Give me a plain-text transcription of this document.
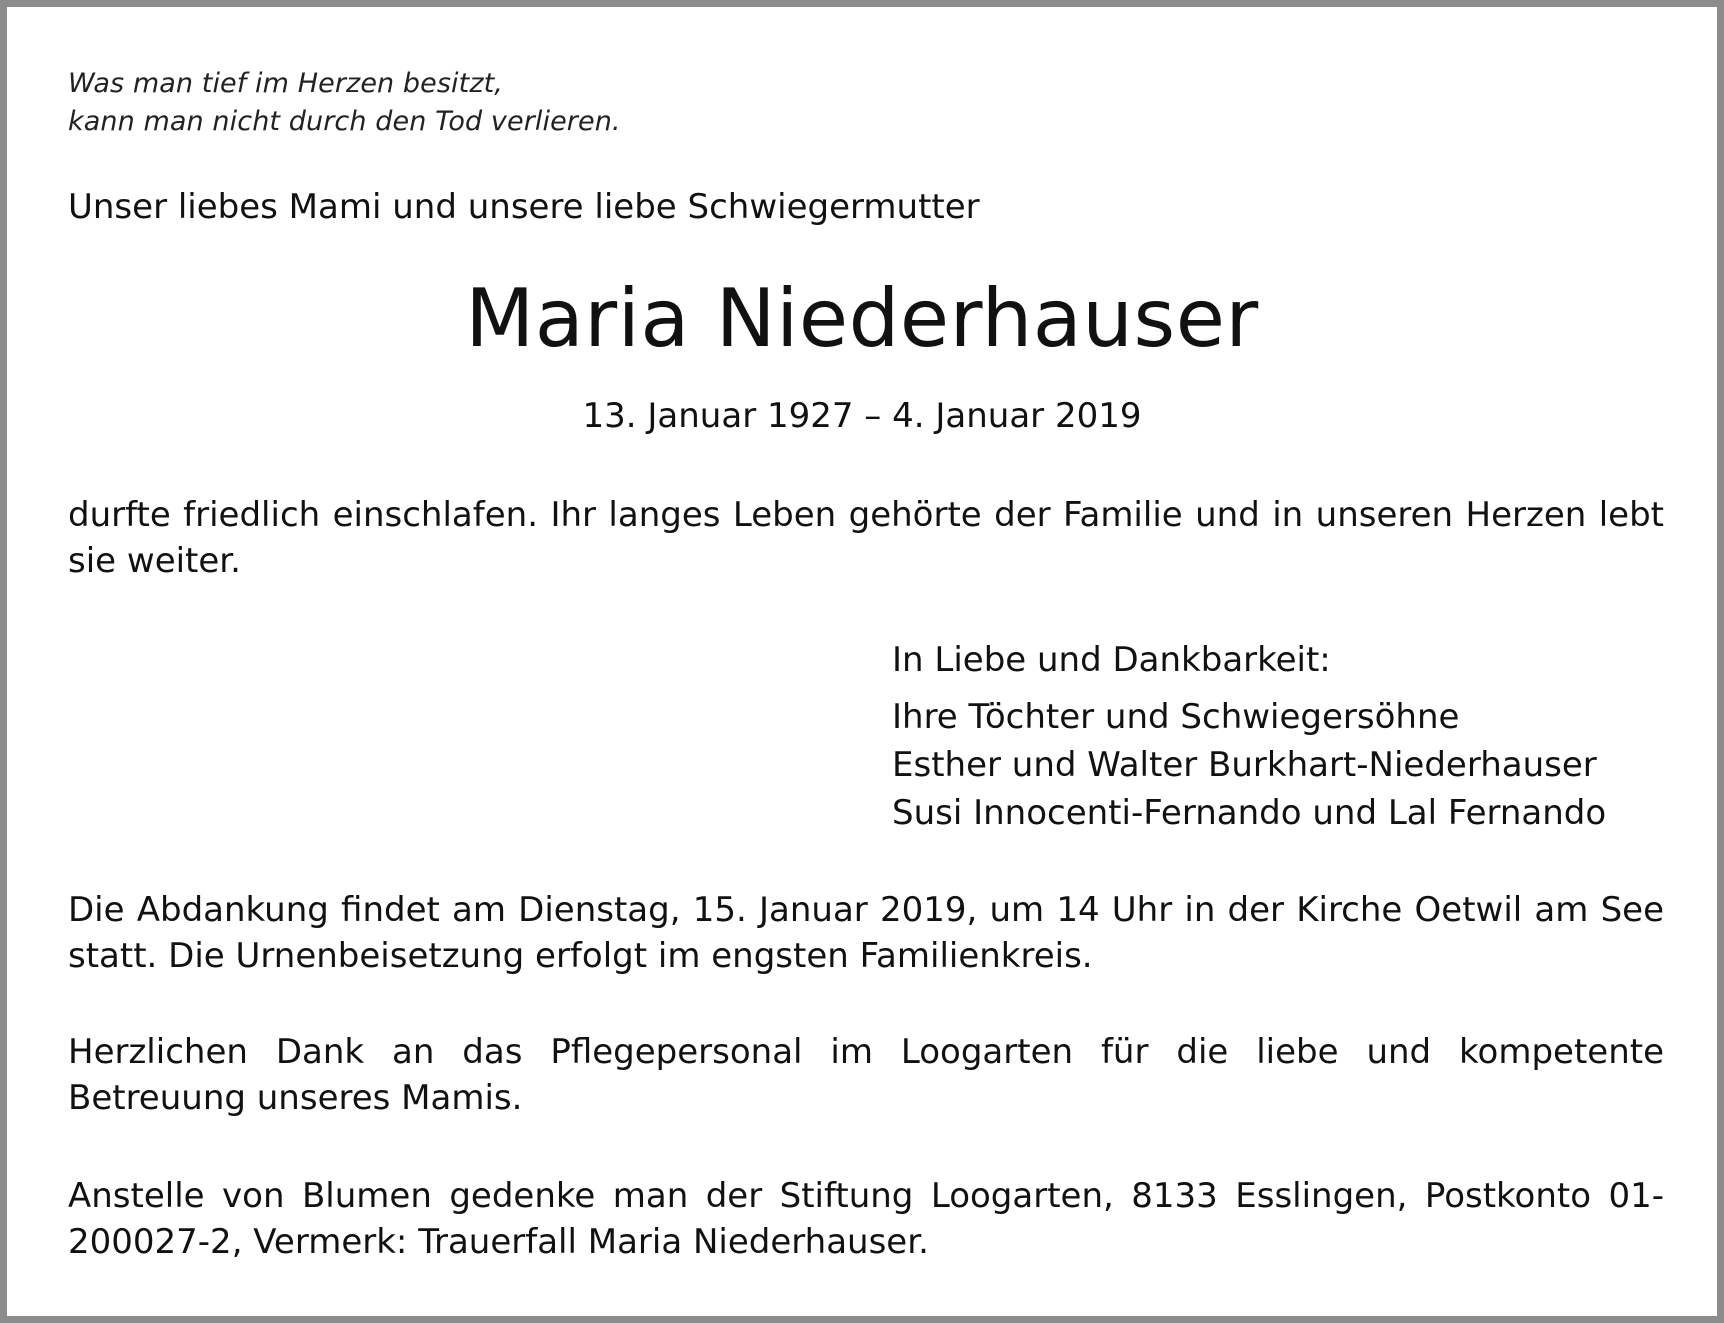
Was man tief im Herzen besitzt,
kann man nicht durch den Tod verlieren.
Unser liebes Mami und unsere liebe Schwiegermutter
Maria Niederhauser
13. Januar 1927 – 4. Januar 2019

durfte friedlich einschlafen. Ihr langes Leben gehörte der Familie und in unseren Herzen lebt sie weiter.

In Liebe und Dankbarkeit:
Ihre Töchter und Schwiegersöhne
Esther und Walter Burkhart-Niederhauser
Susi Innocenti-Fernando und Lal Fernando

Die Abdankung findet am Dienstag, 15. Januar 2019, um 14 Uhr in der Kirche Oetwil am See statt. Die Urnenbeisetzung erfolgt im engsten Familienkreis.

Herzlichen Dank an das Pflegepersonal im Loogarten für die liebe und kompetente Betreuung unseres Mamis.

Anstelle von Blumen gedenke man der Stiftung Loogarten, 8133 Esslingen, Postkonto 01-200027-2, Vermerk: Trauerfall Maria Niederhauser.
